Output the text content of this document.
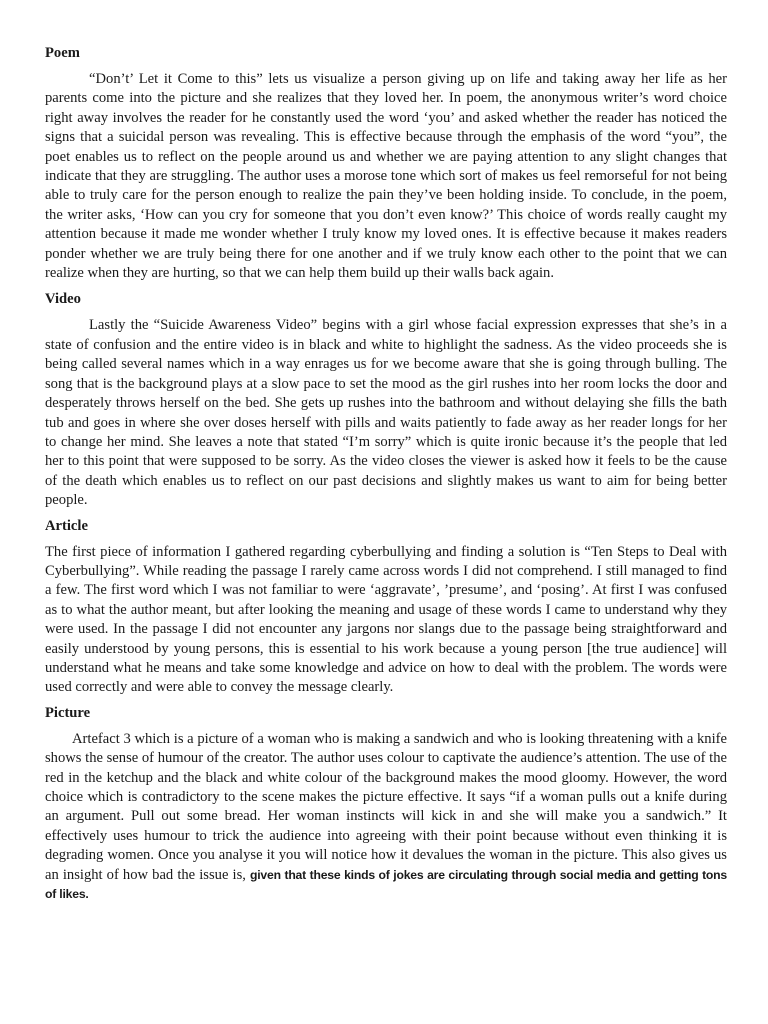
Poem

“Don’t’ Let it Come to this” lets us visualize a person giving up on life and taking away her life as her parents come into the picture and she realizes that they loved her. In poem, the anonymous writer’s word choice right away involves the reader for he constantly used the word ‘you’ and asked whether the reader has noticed the signs that a suicidal person was revealing. This is effective because through the emphasis of the word “you”, the poet enables us to reflect on the people around us and whether we are paying attention to any slight changes that indicate that they are struggling. The author uses a morose tone which sort of makes us feel remorseful for not being able to truly care for the person enough to realize the pain they’ve been holding inside. To conclude, in the poem, the writer asks, ‘How can you cry for someone that you don’t even know?’ This choice of words really caught my attention because it made me wonder whether I truly know my loved ones. It is effective because it makes readers ponder whether we are truly being there for one another and if we truly know each other to the point that we can realize when they are hurting, so that we can help them build up their walls back again.

Video

Lastly the “Suicide Awareness Video” begins with a girl whose facial expression expresses that she’s in a state of confusion and the entire video is in black and white to highlight the sadness. As the video proceeds she is being called several names which in a way enrages us for we become aware that she is going through bulling. The song that is the background plays at a slow pace to set the mood as the girl rushes into her room locks the door and desperately throws herself on the bed. She gets up rushes into the bathroom and without delaying she fills the bath tub and goes in where she over doses herself with pills and waits patiently to fade away as her reader longs for her to change her mind. She leaves a note that stated “I’m sorry” which is quite ironic because it’s the people that led her to this point that were supposed to be sorry. As the video closes the viewer is asked how it feels to be the cause of the death which enables us to reflect on our past decisions and slightly makes us want to aim for being better people.

Article

The first piece of information I gathered regarding cyberbullying and finding a solution is “Ten Steps to Deal with Cyberbullying”. While reading the passage I rarely came across words I did not comprehend. I still managed to find a few. The first word which I was not familiar to were ‘aggravate’, ’presume’, and ‘posing’. At first I was confused as to what the author meant, but after looking the meaning and usage of these words I came to understand why they were used. In the passage I did not encounter any jargons nor slangs due to the passage being straightforward and easily understood by young persons, this is essential to his work because a young person [the true audience] will understand what he means and take some knowledge and advice on how to deal with the problem. The words were used correctly and were able to convey the message clearly.

Picture

Artefact 3 which is a picture of a woman who is making a sandwich and who is looking threatening with a knife shows the sense of humour of the creator. The author uses colour to captivate the audience’s attention. The use of the red in the ketchup and the black and white colour of the background makes the mood gloomy. However, the word choice which is contradictory to the scene makes the picture effective. It says “if a woman pulls out a knife during an argument. Pull out some bread. Her woman instincts will kick in and she will make you a sandwich.” It effectively uses humour to trick the audience into agreeing with their point because without even thinking it is degrading women. Once you analyse it you will notice how it devalues the woman in the picture. This also gives us an insight of how bad the issue is, given that these kinds of jokes are circulating through social media and getting tons of likes.
